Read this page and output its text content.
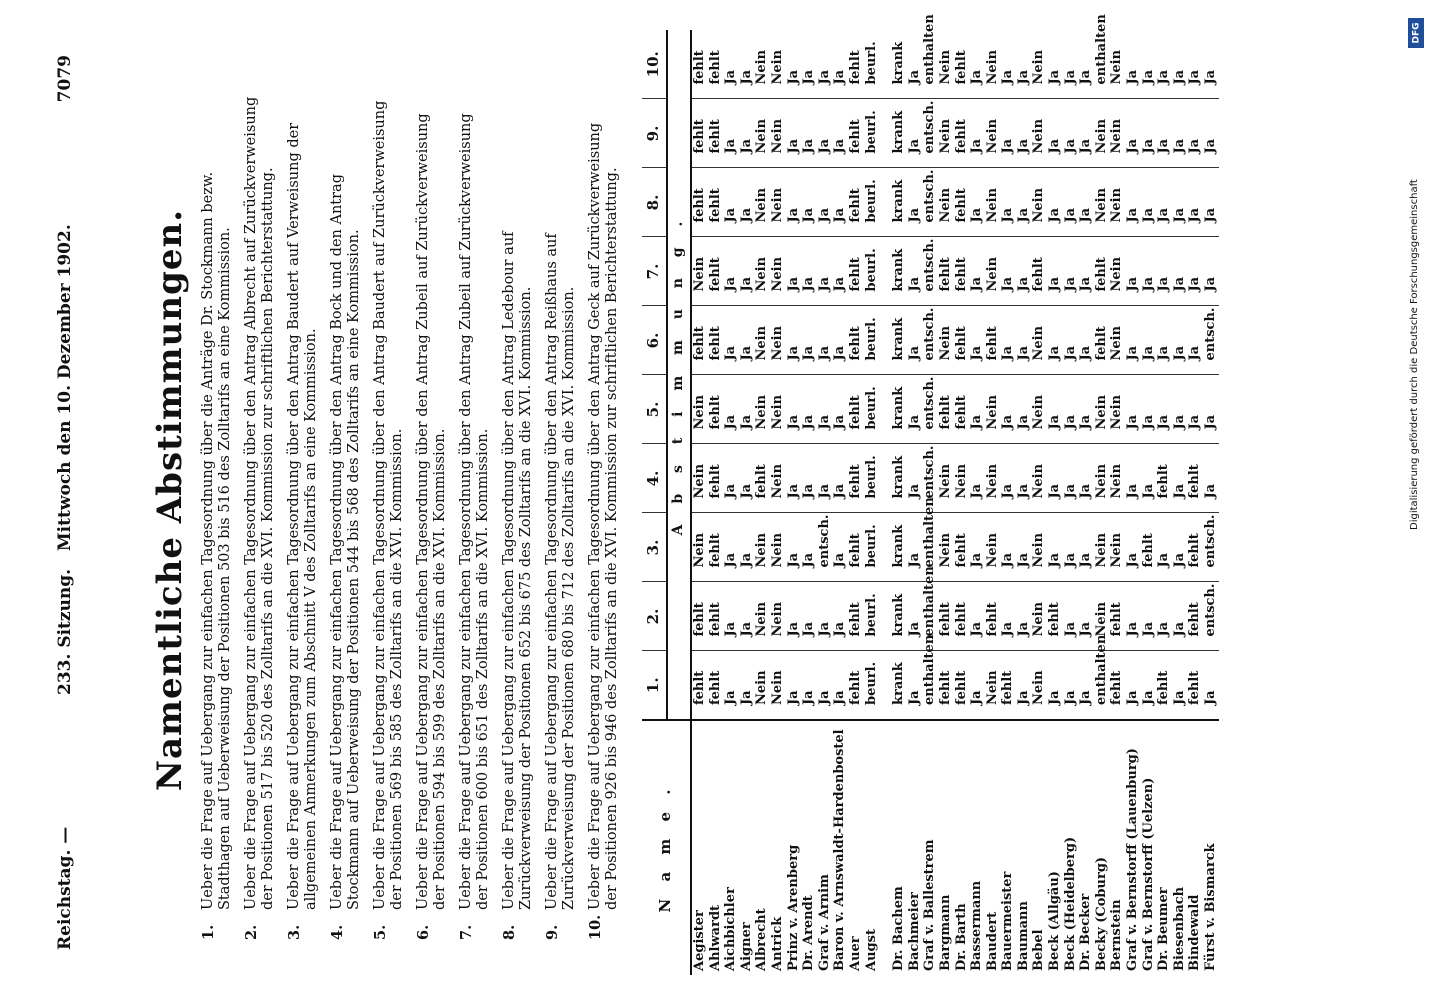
Reichstag. —
233. Sitzung.   Mittwoch den 10. Dezember 1902.
7079
Namentliche Abstimmungen.
1.
Ueber die Frage auf Uebergang zur einfachen Tagesordnung über die Anträge Dr. Stockmann bezw. Stadthagen auf Ueberweisung der Positionen 503 bis 516 des Zolltarifs an eine Kommission.
2.
Ueber die Frage auf Uebergang zur einfachen Tagesordnung über den Antrag Albrecht auf Zurückverweisung der Positionen 517 bis 520 des Zolltarifs an die XVI. Kommission zur schriftlichen Berichterstattung.
3.
Ueber die Frage auf Uebergang zur einfachen Tagesordnung über den Antrag Baudert auf Verweisung der allgemeinen Anmerkungen zum Abschnitt V des Zolltarifs an eine Kommission.
4.
Ueber die Frage auf Uebergang zur einfachen Tagesordnung über den Antrag Bock und den Antrag Stockmann auf Ueberweisung der Positionen 544 bis 568 des Zolltarifs an eine Kommission.
5.
Ueber die Frage auf Uebergang zur einfachen Tagesordnung über den Antrag Baudert auf Zurückverweisung der Positionen 569 bis 585 des Zolltarifs an die XVI. Kommission.
6.
Ueber die Frage auf Uebergang zur einfachen Tagesordnung über den Antrag Zubeil auf Zurückverweisung der Positionen 594 bis 599 des Zolltarifs an die XVI. Kommission.
7.
Ueber die Frage auf Uebergang zur einfachen Tagesordnung über den Antrag Zubeil auf Zurückverweisung der Positionen 600 bis 651 des Zolltarifs an die XVI. Kommission.
8.
Ueber die Frage auf Uebergang zur einfachen Tagesordnung über den Antrag Ledebour auf Zurückverweisung der Positionen 652 bis 675 des Zolltarifs an die XVI. Kommission.
9.
Ueber die Frage auf Uebergang zur einfachen Tagesordnung über den Antrag Reißhaus auf Zurückverweisung der Positionen 680 bis 712 des Zolltarifs an die XVI. Kommission.
10.
Ueber die Frage auf Uebergang zur einfachen Tagesordnung über den Antrag Geck auf Zurückverweisung der Positionen 926 bis 946 des Zolltarifs an die XVI. Kommission zur schriftlichen Berichterstattung. N a m e .	1.	2.	3.	4.	5.	6.	7.	8.	9.	10.
	A b s t i m m u n g .									
Aegister	fehlt	fehlt	Nein	Nein	Nein	fehlt	Nein	fehlt	fehlt	fehlt
Ahlwardt	fehlt	fehlt	fehlt	fehlt	fehlt	fehlt	fehlt	fehlt	fehlt	fehlt
Aichbichler	Ja	Ja	Ja	Ja	Ja	Ja	Ja	Ja	Ja	Ja
Aigner	Ja	Ja	Ja	Ja	Ja	Ja	Ja	Ja	Ja	Ja
Albrecht	Nein	Nein	Nein	fehlt	Nein	Nein	Nein	Nein	Nein	Nein
Antrick	Nein	Nein	Nein	Nein	Nein	Nein	Nein	Nein	Nein	Nein
Prinz v. Arenberg	Ja	Ja	Ja	Ja	Ja	Ja	Ja	Ja	Ja	Ja
Dr. Arendt	Ja	Ja	Ja	Ja	Ja	Ja	Ja	Ja	Ja	Ja
Graf v. Arnim	Ja	Ja	entsch.	Ja	Ja	Ja	Ja	Ja	Ja	Ja
Baron v. Arnswaldt-Hardenbostel	Ja	Ja	Ja	Ja	Ja	Ja	Ja	Ja	Ja	Ja
Auer	fehlt	fehlt	fehlt	fehlt	fehlt	fehlt	fehlt	fehlt	fehlt	fehlt
Augst	beurl.	beurl.	beurl.	beurl.	beurl.	beurl.	beurl.	beurl.	beurl.	beurl.

Dr. Bachem	krank	krank	krank	krank	krank	krank	krank	krank	krank	krank
Bachmeier	Ja	Ja	Ja	Ja	Ja	Ja	Ja	Ja	Ja	Ja
Graf v. Ballestrem	enthalten	enthalten	enthalten	entsch.	entsch.	entsch.	entsch.	entsch.	entsch.	enthalten
Bargmann	fehlt	fehlt	Nein	Nein	fehlt	Nein	fehlt	Nein	Nein	Nein
Dr. Barth	fehlt	fehlt	fehlt	Nein	fehlt	fehlt	fehlt	fehlt	fehlt	fehlt
Bassermann	Ja	Ja	Ja	Ja	Ja	Ja	Ja	Ja	Ja	Ja
Baudert	Nein	fehlt	Nein	Nein	Nein	fehlt	Nein	Nein	Nein	Nein
Bauermeister	fehlt	Ja	Ja	Ja	Ja	Ja	Ja	Ja	Ja	Ja
Baumann	Ja	Ja	Ja	Ja	Ja	Ja	Ja	Ja	Ja	Ja
Bebel	Nein	Nein	Nein	Nein	Nein	Nein	fehlt	Nein	Nein	Nein
Beck (Allgäu)	Ja	fehlt	Ja	Ja	Ja	Ja	Ja	Ja	Ja	Ja
Beck (Heidelberg)	Ja	Ja	Ja	Ja	Ja	Ja	Ja	Ja	Ja	Ja
Dr. Becker	Ja	Ja	Ja	Ja	Ja	Ja	Ja	Ja	Ja	Ja
Becky (Coburg)	enthalten	Nein	Nein	Nein	Nein	fehlt	fehlt	Nein	Nein	enthalten
Bernstein	fehlt	fehlt	Nein	Nein	Nein	Nein	Nein	Nein	Nein	Nein
Graf v. Bernstorff (Lauenburg)	Ja	Ja	Ja	Ja	Ja	Ja	Ja	Ja	Ja	Ja
Graf v. Bernstorff (Uelzen)	Ja	Ja	fehlt	Ja	Ja	Ja	Ja	Ja	Ja	Ja
Dr. Beumer	fehlt	Ja	Ja	fehlt	Ja	Ja	Ja	Ja	Ja	Ja
Biesenbach	Ja	Ja	Ja	Ja	Ja	Ja	Ja	Ja	Ja	Ja
Bindewald	fehlt	fehlt	fehlt	fehlt	Ja	Ja	Ja	Ja	Ja	Ja
Fürst v. Bismarck	Ja	entsch.	entsch.	Ja	Ja	entsch.	Ja	Ja	Ja	Ja
DFG
Digitalisierung gefördert durch die Deutsche Forschungsgemeinschaft
